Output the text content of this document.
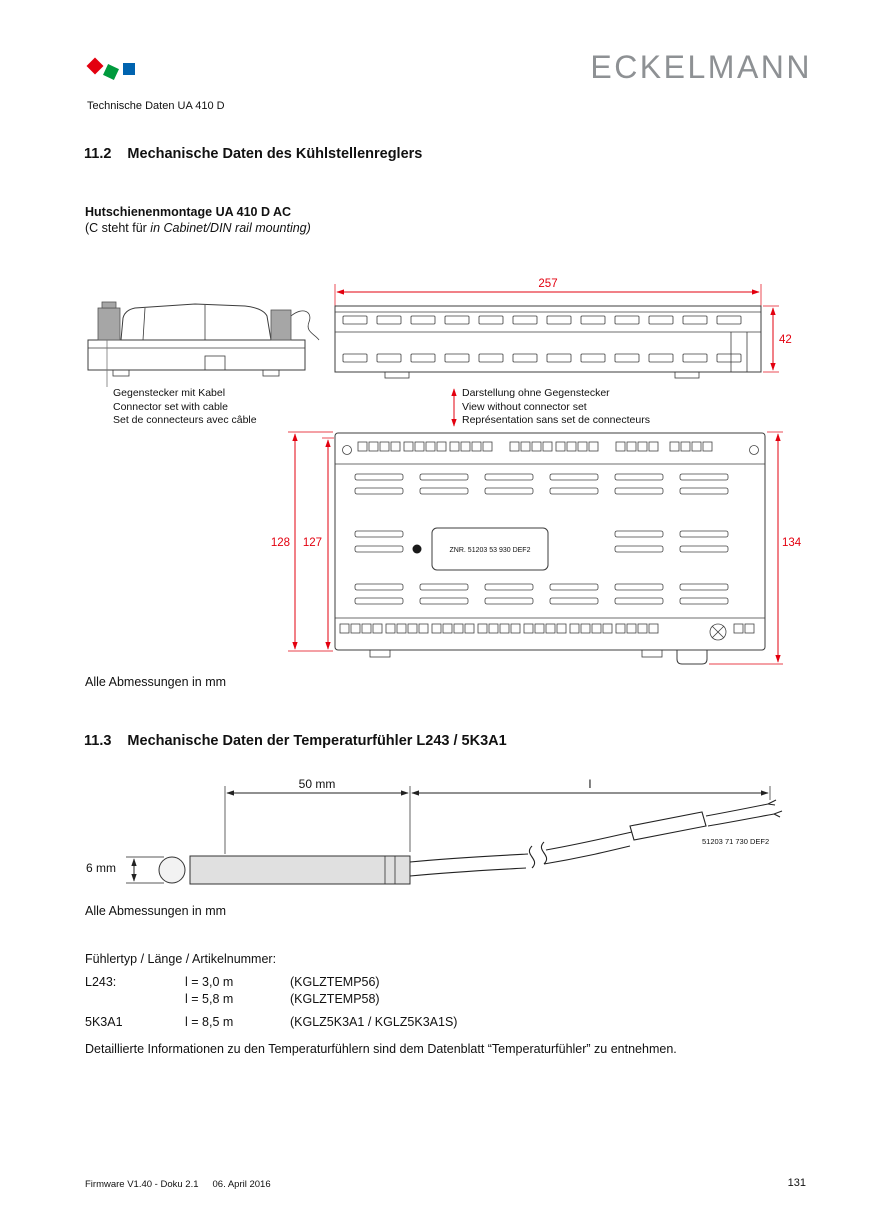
ECKELMANN
Technische Daten UA 410 D
11.2 Mechanische Daten des Kühlstellenreglers
Hutschienenmontage UA 410 D AC
(C steht für in Cabinet/DIN rail mounting)
257
42
Gegenstecker mit Kabel
Connector set with cable
Set de connecteurs avec câble
Darstellung ohne Gegenstecker
View without connector set
Représentation sans set de connecteurs
ZNR. 51203 53 930 DEF2
128 127	134
Alle Abmessungen in mm
11.3 Mechanische Daten der Temperaturfühler L243 / 5K3A1
50 mm	l
51203 71 730 DEF2
6 mm
Alle Abmessungen in mm
Fühlertyp / Länge / Artikelnummer:
L243:	l = 3,0 m	(KGLZTEMP56)
l = 5,8 m	(KGLZTEMP58)
5K3A1	l = 8,5 m	(KGLZ5K3A1 / KGLZ5K3A1S)
Detaillierte Informationen zu den Temperaturfühlern sind dem Datenblatt “Temperaturfühler” zu entnehmen.
Firmware V1.40 - Doku 2.1 06. April 2016	131
